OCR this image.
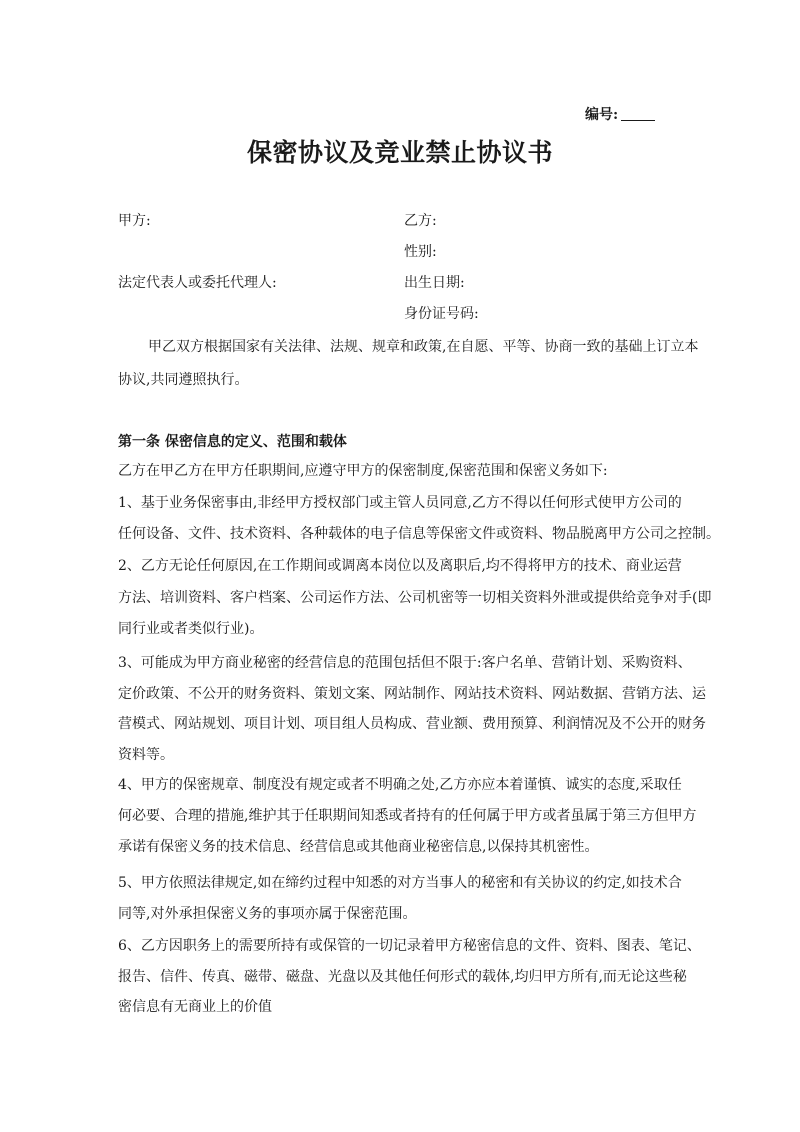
编号:
保密协议及竞业禁止协议书
甲方:	乙方:
性别:
法定代表人或委托代理人:	出生日期:
身份证号码:
甲乙双方根据国家有关法律、法规、规章和政策,在自愿、平等、协商一致的基础上订立本
协议,共同遵照执行。
第一条 保密信息的定义、范围和载体
乙方在甲乙方在甲方任职期间,应遵守甲方的保密制度,保密范围和保密义务如下:
1、基于业务保密事由,非经甲方授权部门或主管人员同意,乙方不得以任何形式使甲方公司的
任何设备、文件、技术资料、各种载体的电子信息等保密文件或资料、物品脱离甲方公司之控制。
2、乙方无论任何原因,在工作期间或调离本岗位以及离职后,均不得将甲方的技术、商业运营
方法、培训资料、客户档案、公司运作方法、公司机密等一切相关资料外泄或提供给竞争对手(即
同行业或者类似行业)。
3、可能成为甲方商业秘密的经营信息的范围包括但不限于:客户名单、营销计划、采购资料、
定价政策、不公开的财务资料、策划文案、网站制作、网站技术资料、网站数据、营销方法、运
营模式、网站规划、项目计划、项目组人员构成、营业额、费用预算、利润情况及不公开的财务
资料等。
4、甲方的保密规章、制度没有规定或者不明确之处,乙方亦应本着谨慎、诚实的态度,采取任
何必要、合理的措施,维护其于任职期间知悉或者持有的任何属于甲方或者虽属于第三方但甲方
承诺有保密义务的技术信息、经营信息或其他商业秘密信息,以保持其机密性。
5、甲方依照法律规定,如在缔约过程中知悉的对方当事人的秘密和有关协议的约定,如技术合
同等,对外承担保密义务的事项亦属于保密范围。
6、乙方因职务上的需要所持有或保管的一切记录着甲方秘密信息的文件、资料、图表、笔记、
报告、信件、传真、磁带、磁盘、光盘以及其他任何形式的载体,均归甲方所有,而无论这些秘
密信息有无商业上的价值
